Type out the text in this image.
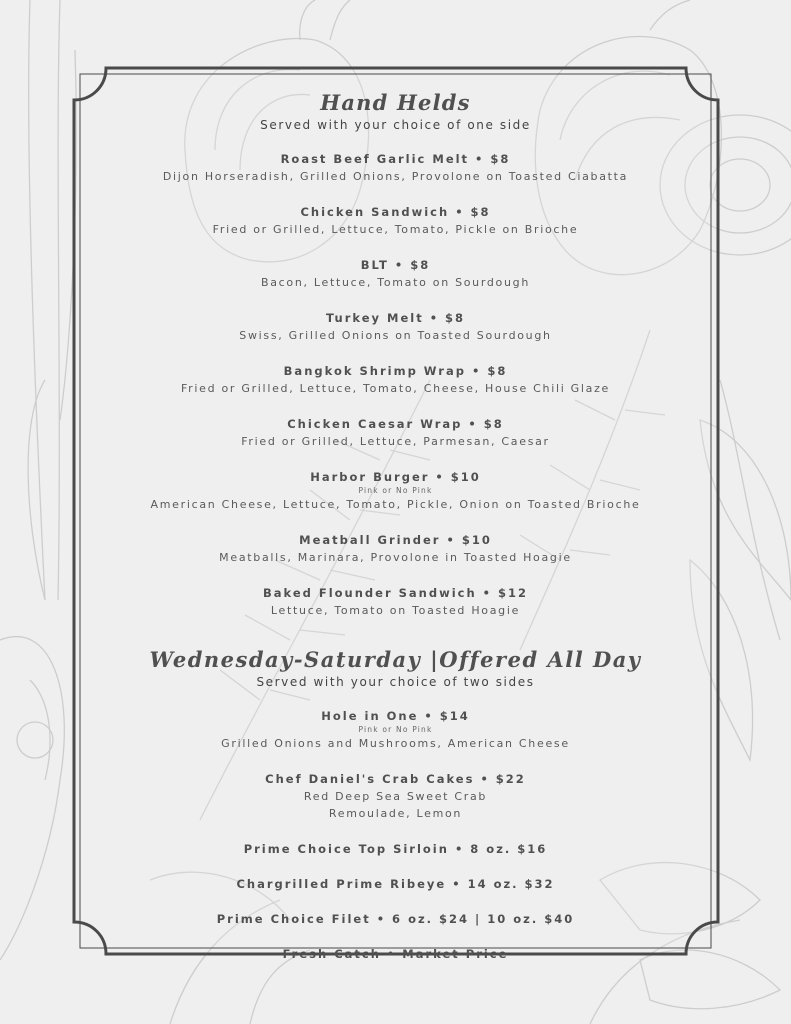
Hand Helds
Served with your choice of one side
Roast Beef Garlic Melt • $8
Dijon Horseradish, Grilled Onions, Provolone on Toasted Ciabatta
Chicken Sandwich • $8
Fried or Grilled, Lettuce, Tomato, Pickle on Brioche
BLT • $8
Bacon, Lettuce, Tomato on Sourdough
Turkey Melt • $8
Swiss, Grilled Onions on Toasted Sourdough
Bangkok Shrimp Wrap • $8
Fried or Grilled, Lettuce, Tomato, Cheese, House Chili Glaze
Chicken Caesar Wrap • $8
Fried or Grilled, Lettuce, Parmesan, Caesar
Harbor Burger • $10
Pink or No Pink
American Cheese, Lettuce, Tomato, Pickle, Onion on Toasted Brioche
Meatball Grinder • $10
Meatballs, Marinara, Provolone in Toasted Hoagie
Baked Flounder Sandwich • $12
Lettuce, Tomato on Toasted Hoagie
Wednesday-Saturday |Offered All Day
Served with your choice of two sides
Hole in One • $14
Pink or No Pink
Grilled Onions and Mushrooms, American Cheese
Chef Daniel's Crab Cakes • $22
Red Deep Sea Sweet Crab
Remoulade, Lemon
Prime Choice Top Sirloin • 8 oz. $16
Chargrilled Prime Ribeye • 14 oz. $32
Prime Choice Filet • 6 oz. $24 | 10 oz. $40
Fresh Catch • Market Price
